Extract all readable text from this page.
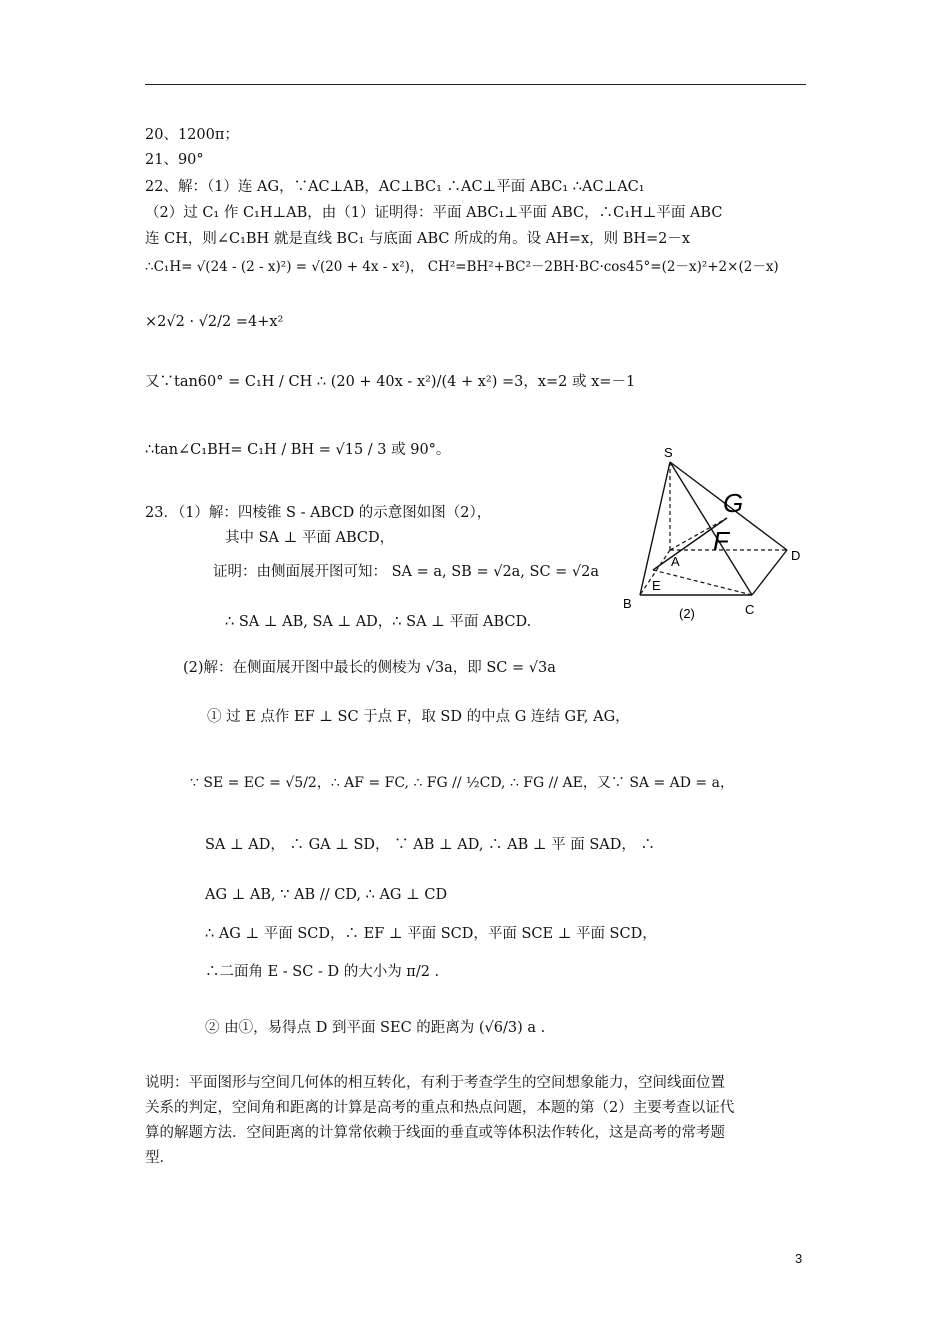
20、1200π；
21、90°
22、解：（1）连 AG，∵AC⊥AB，AC⊥BC₁ ∴AC⊥平面 ABC₁ ∴AC⊥AC₁
（2）过 C₁ 作 C₁H⊥AB，由（1）证明得：平面 ABC₁⊥平面 ABC，∴C₁H⊥平面 ABC
连 CH，则∠C₁BH 就是直线 BC₁ 与底面 ABC 所成的角。设 AH=x，则 BH=2－x
∴C₁H= √(24 - (2 - x)²) = √(20 + 4x - x²)， CH²=BH²+BC²－2BH·BC·cos45°=(2－x)²+2×(2－x)
×2√2 · √2/2 =4+x²
又∵tan60° = C₁H / CH ∴ (20 + 40x - x²)/(4 + x²) =3，x=2 或 x=－1
∴tan∠C₁BH= C₁H / BH = √15 / 3 或 90°。
23．（1）解：四棱锥 S - ABCD 的示意图如图（2），
其中 SA ⊥ 平面 ABCD，
证明：由侧面展开图可知： SA = a, SB = √2a, SC = √2a
∴ SA ⊥ AB, SA ⊥ AD，∴ SA ⊥ 平面 ABCD.
(2)解：在侧面展开图中最长的侧棱为 √3a，即 SC = √3a
① 过 E 点作 EF ⊥ SC 于点 F，取 SD 的中点 G 连结 GF, AG，
∵ SE = EC = √5/2，∴ AF = FC, ∴ FG // ½CD, ∴ FG // AE，又∵ SA = AD = a，
SA ⊥ AD， ∴ GA ⊥ SD， ∵ AB ⊥ AD, ∴ AB ⊥ 平 面 SAD， ∴
AG ⊥ AB, ∵ AB // CD, ∴ AG ⊥ CD
∴ AG ⊥ 平面 SCD，∴ EF ⊥ 平面 SCD，平面 SCE ⊥ 平面 SCD，
∴二面角 E - SC - D 的大小为 π/2 .
② 由①，易得点 D 到平面 SEC 的距离为 (√6/3) a .
说明：平面图形与空间几何体的相互转化，有利于考查学生的空间想象能力，空间线面位置
关系的判定，空间角和距离的计算是高考的重点和热点问题，本题的第（2）主要考查以证代
算的解题方法．空间距离的计算常依赖于线面的垂直或等体积法作转化，这是高考的常考题
型．
S
G
F
A	D
E
B	C
(2)
3
